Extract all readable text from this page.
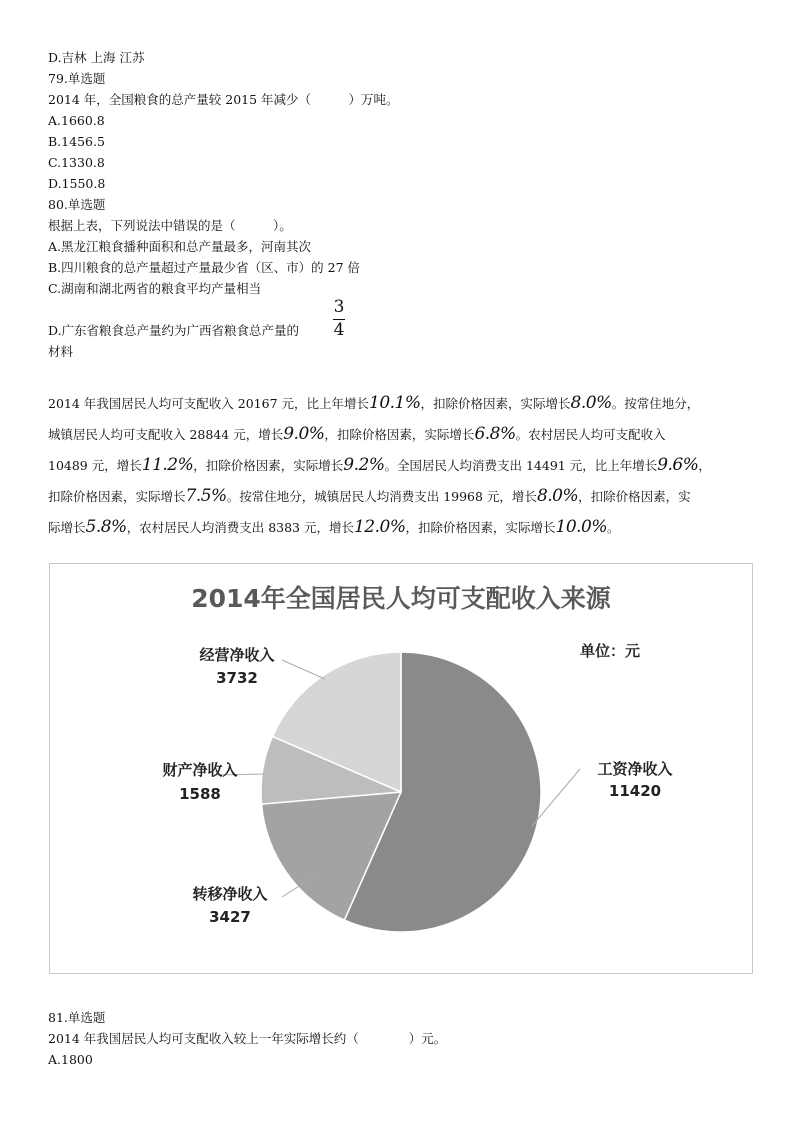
D.吉林 上海 江苏
79.单选题
2014 年，全国粮食的总产量较 2015 年减少（　　　）万吨。
A.1660.8
B.1456.5
C.1330.8
D.1550.8
80.单选题
根据上表，下列说法中错误的是（　　　）。
A.黑龙江粮食播种面积和总产量最多，河南其次
B.四川粮食的总产量超过产量最少省（区、市）的 27 倍
C.湖南和湖北两省的粮食平均产量相当
D.广东省粮食总产量约为广西省粮食总产量的
3
4
材料
2014 年我国居民人均可支配收入 20167 元，比上年增长10.1%，扣除价格因素，实际增长8.0%。按常住地分，
城镇居民人均可支配收入 28844 元，增长9.0%，扣除价格因素，实际增长6.8%。农村居民人均可支配收入
10489 元，增长11.2%，扣除价格因素，实际增长9.2%。全国居民人均消费支出 14491 元，比上年增长9.6%，
扣除价格因素，实际增长7.5%。按常住地分，城镇居民人均消费支出 19968 元，增长8.0%，扣除价格因素，实
际增长5.8%，农村居民人均消费支出 8383 元，增长12.0%，扣除价格因素，实际增长10.0%。
2014年全国居民人均可支配收入来源
单位：元
工资净收入
11420
转移净收入
3427
财产净收入
1588
经营净收入
3732
81.单选题
2014 年我国居民人均可支配收入较上一年实际增长约（　　　　）元。
A.1800
